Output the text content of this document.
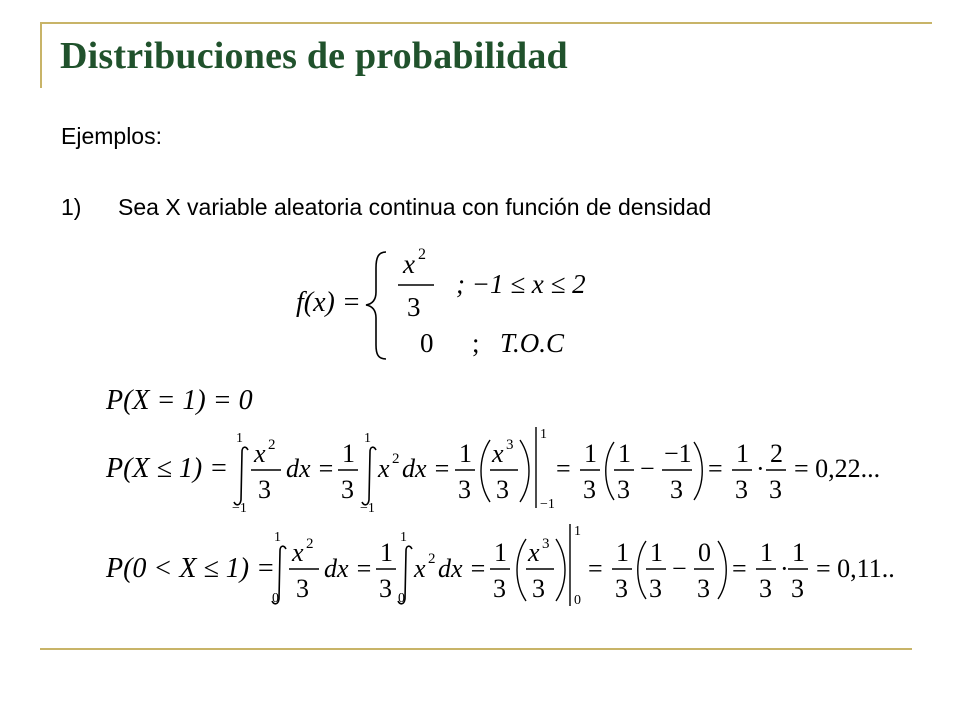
Distribuciones de probabilidad
Ejemplos:
1) Sea X variable aleatoria continua con función de densidad
f(x) =
x 2
3
; −1 ≤ x ≤ 2
0 ; T.O.C
P(X = 1) = 0
P(X ≤ 1) =
1
−1
x 2
3
dx =
1
3
1
−1
x 2 dx =
1
3
x 3
3
1
−1
=
1
3
1
3
−
−1
3
=
1
3
·
2
3
= 0,22...
P(0 < X ≤ 1) =
1
0
x 2
3
dx =
1
3
1
0
x 2 dx =
1
3
x 3
3
1
0
=
1
3
1
3
−
0
3
=
1
3
·
1
3
= 0,11..
